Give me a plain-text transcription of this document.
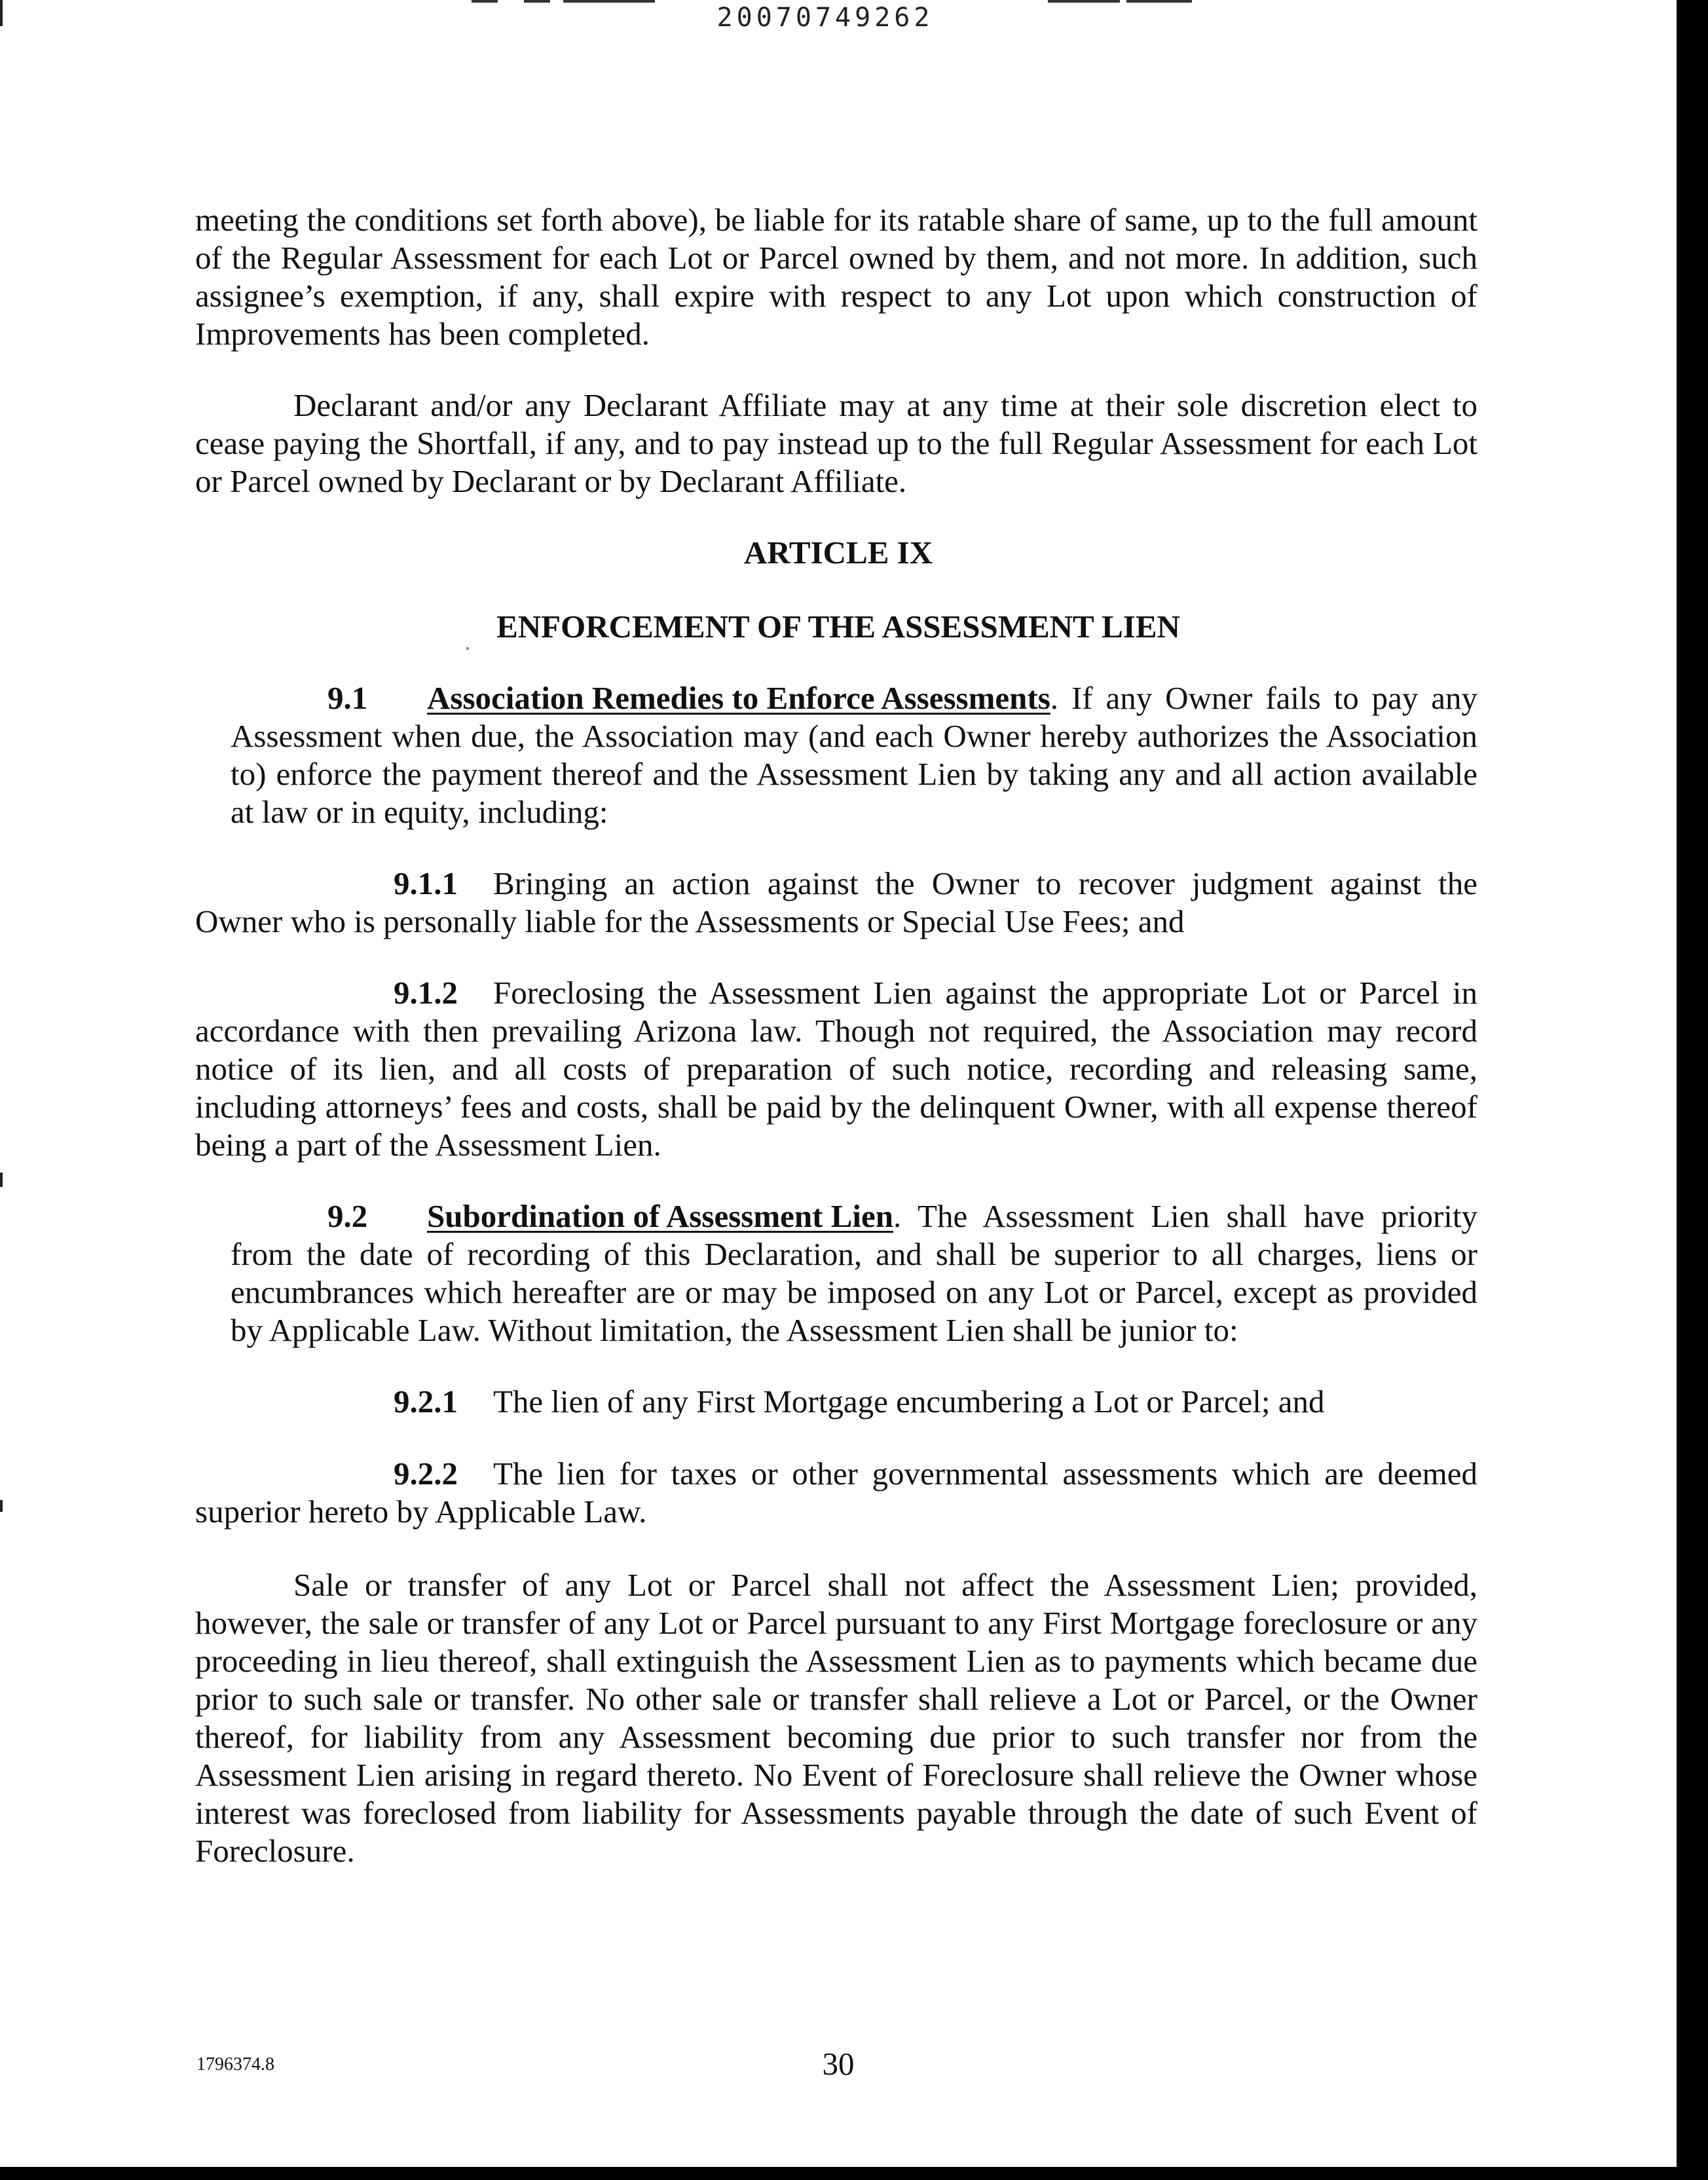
20070749262

meeting the conditions set forth above), be liable for its ratable share of same, up to the full amount of the Regular Assessment for each Lot or Parcel owned by them, and not more. In addition, such assignee’s exemption, if any, shall expire with respect to any Lot upon which construction of Improvements has been completed.

Declarant and/or any Declarant Affiliate may at any time at their sole discretion elect to cease paying the Shortfall, if any, and to pay instead up to the full Regular Assessment for each Lot or Parcel owned by Declarant or by Declarant Affiliate.

ARTICLE IX
ENFORCEMENT OF THE ASSESSMENT LIEN

9.1 Association Remedies to Enforce Assessments. If any Owner fails to pay any Assessment when due, the Association may (and each Owner hereby authorizes the Association to) enforce the payment thereof and the Assessment Lien by taking any and all action available at law or in equity, including:

9.1.1 Bringing an action against the Owner to recover judgment against the Owner who is personally liable for the Assessments or Special Use Fees; and

9.1.2 Foreclosing the Assessment Lien against the appropriate Lot or Parcel in accordance with then prevailing Arizona law. Though not required, the Association may record notice of its lien, and all costs of preparation of such notice, recording and releasing same, including attorneys’ fees and costs, shall be paid by the delinquent Owner, with all expense thereof being a part of the Assessment Lien.

9.2 Subordination of Assessment Lien. The Assessment Lien shall have priority from the date of recording of this Declaration, and shall be superior to all charges, liens or encumbrances which hereafter are or may be imposed on any Lot or Parcel, except as provided by Applicable Law. Without limitation, the Assessment Lien shall be junior to:

9.2.1 The lien of any First Mortgage encumbering a Lot or Parcel; and

9.2.2 The lien for taxes or other governmental assessments which are deemed superior hereto by Applicable Law.

Sale or transfer of any Lot or Parcel shall not affect the Assessment Lien; provided, however, the sale or transfer of any Lot or Parcel pursuant to any First Mortgage foreclosure or any proceeding in lieu thereof, shall extinguish the Assessment Lien as to payments which became due prior to such sale or transfer. No other sale or transfer shall relieve a Lot or Parcel, or the Owner thereof, for liability from any Assessment becoming due prior to such transfer nor from the Assessment Lien arising in regard thereto. No Event of Foreclosure shall relieve the Owner whose interest was foreclosed from liability for Assessments payable through the date of such Event of Foreclosure.

1796374.8	30
